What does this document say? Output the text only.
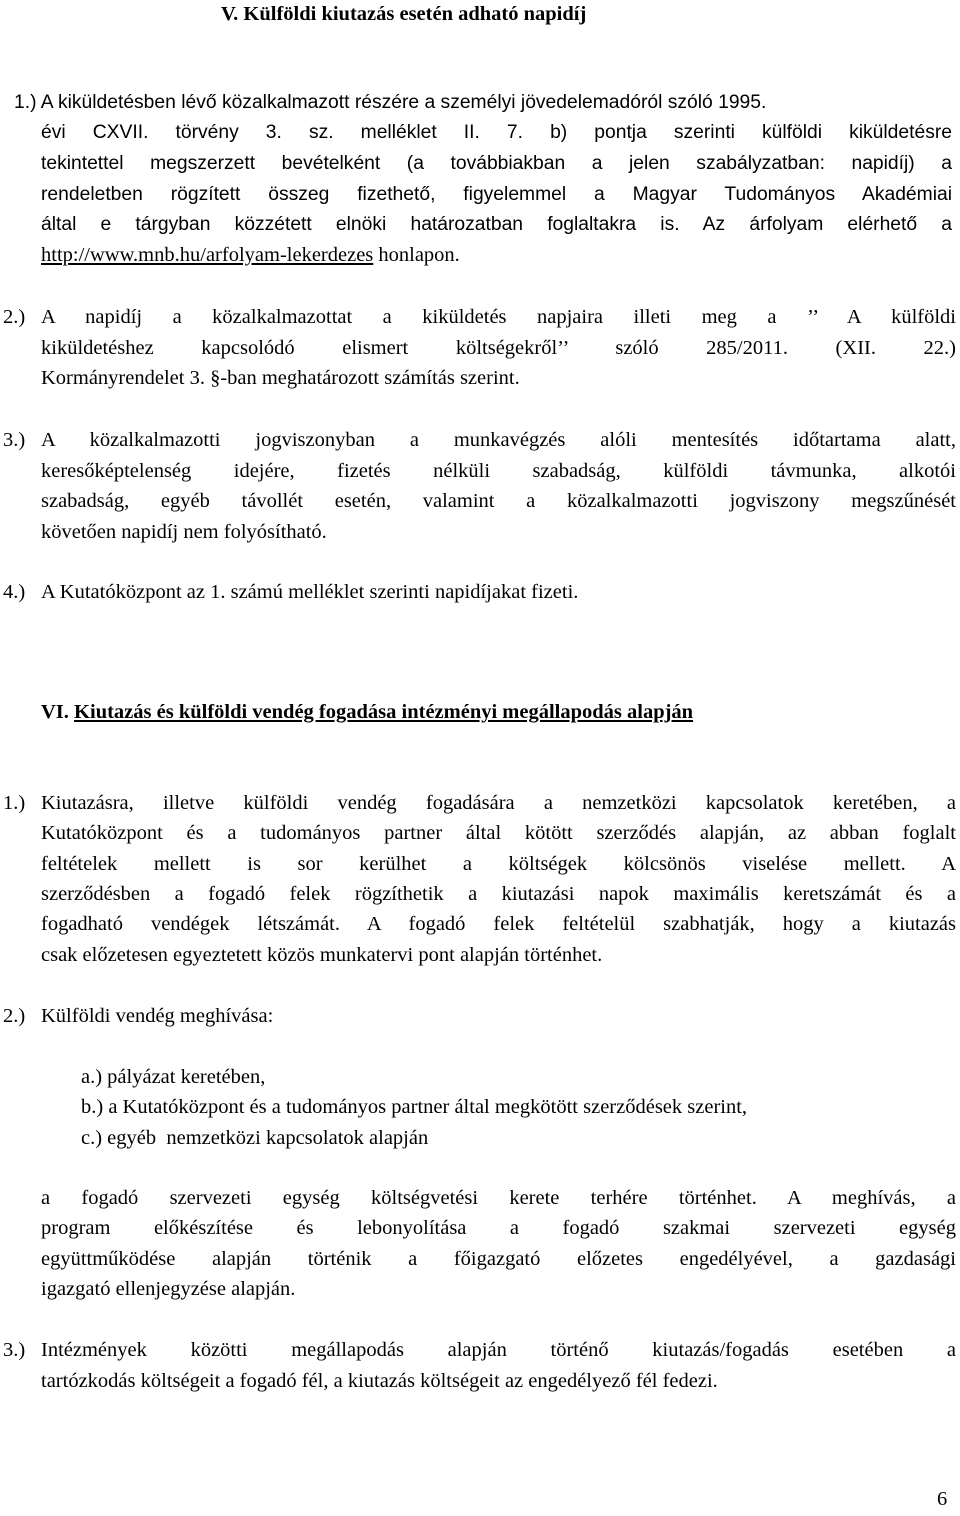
V. Külföldi kiutazás esetén adható napidíj
1.) A kiküldetésben lévő közalkalmazott részére a személyi jövedelemadóról szóló 1995.
évi CXVII. törvény 3. sz. melléklet II. 7. b) pontja szerinti külföldi kiküldetésre
tekintettel megszerzett bevételként (a továbbiakban a jelen szabályzatban: napidíj) a
rendeletben rögzített összeg fizethető, figyelemmel a Magyar Tudományos Akadémiai
által e tárgyban közzétett elnöki határozatban foglaltakra is. Az árfolyam elérhető a
http://www.mnb.hu/arfolyam-lekerdezes honlapon.
2.) A napidíj a közalkalmazottat a kiküldetés napjaira illeti meg a ’’ A külföldi
kiküldetéshez kapcsolódó elismert költségekről’’ szóló 285/2011. (XII. 22.)
Kormányrendelet 3. §-ban meghatározott számítás szerint.
3.) A közalkalmazotti jogviszonyban a munkavégzés alóli mentesítés időtartama alatt,
keresőképtelenség idejére, fizetés nélküli szabadság, külföldi távmunka, alkotói
szabadság, egyéb távollét esetén, valamint a közalkalmazotti jogviszony megszűnését
követően napidíj nem folyósítható.
4.) A Kutatóközpont az 1. számú melléklet szerinti napidíjakat fizeti.
VI. Kiutazás és külföldi vendég fogadása intézményi megállapodás alapján
1.) Kiutazásra, illetve külföldi vendég fogadására a nemzetközi kapcsolatok keretében, a
Kutatóközpont és a tudományos partner által kötött szerződés alapján, az abban foglalt
feltételek mellett is sor kerülhet a költségek kölcsönös viselése mellett. A
szerződésben a fogadó felek rögzíthetik a kiutazási napok maximális keretszámát és a
fogadható vendégek létszámát. A fogadó felek feltételül szabhatják, hogy a kiutazás
csak előzetesen egyeztetett közös munkatervi pont alapján történhet.
2.) Külföldi vendég meghívása:
a.) pályázat keretében,
b.) a Kutatóközpont és a tudományos partner által megkötött szerződések szerint,
c.) egyéb  nemzetközi kapcsolatok alapján
a fogadó szervezeti egység költségvetési kerete terhére történhet. A meghívás, a
program előkészítése és lebonyolítása a fogadó szakmai szervezeti egység
együttműködése alapján történik a főigazgató előzetes engedélyével, a gazdasági
igazgató ellenjegyzése alapján.
3.) Intézmények közötti megállapodás alapján történő kiutazás/fogadás esetében a
tartózkodás költségeit a fogadó fél, a kiutazás költségeit az engedélyező fél fedezi.
6
